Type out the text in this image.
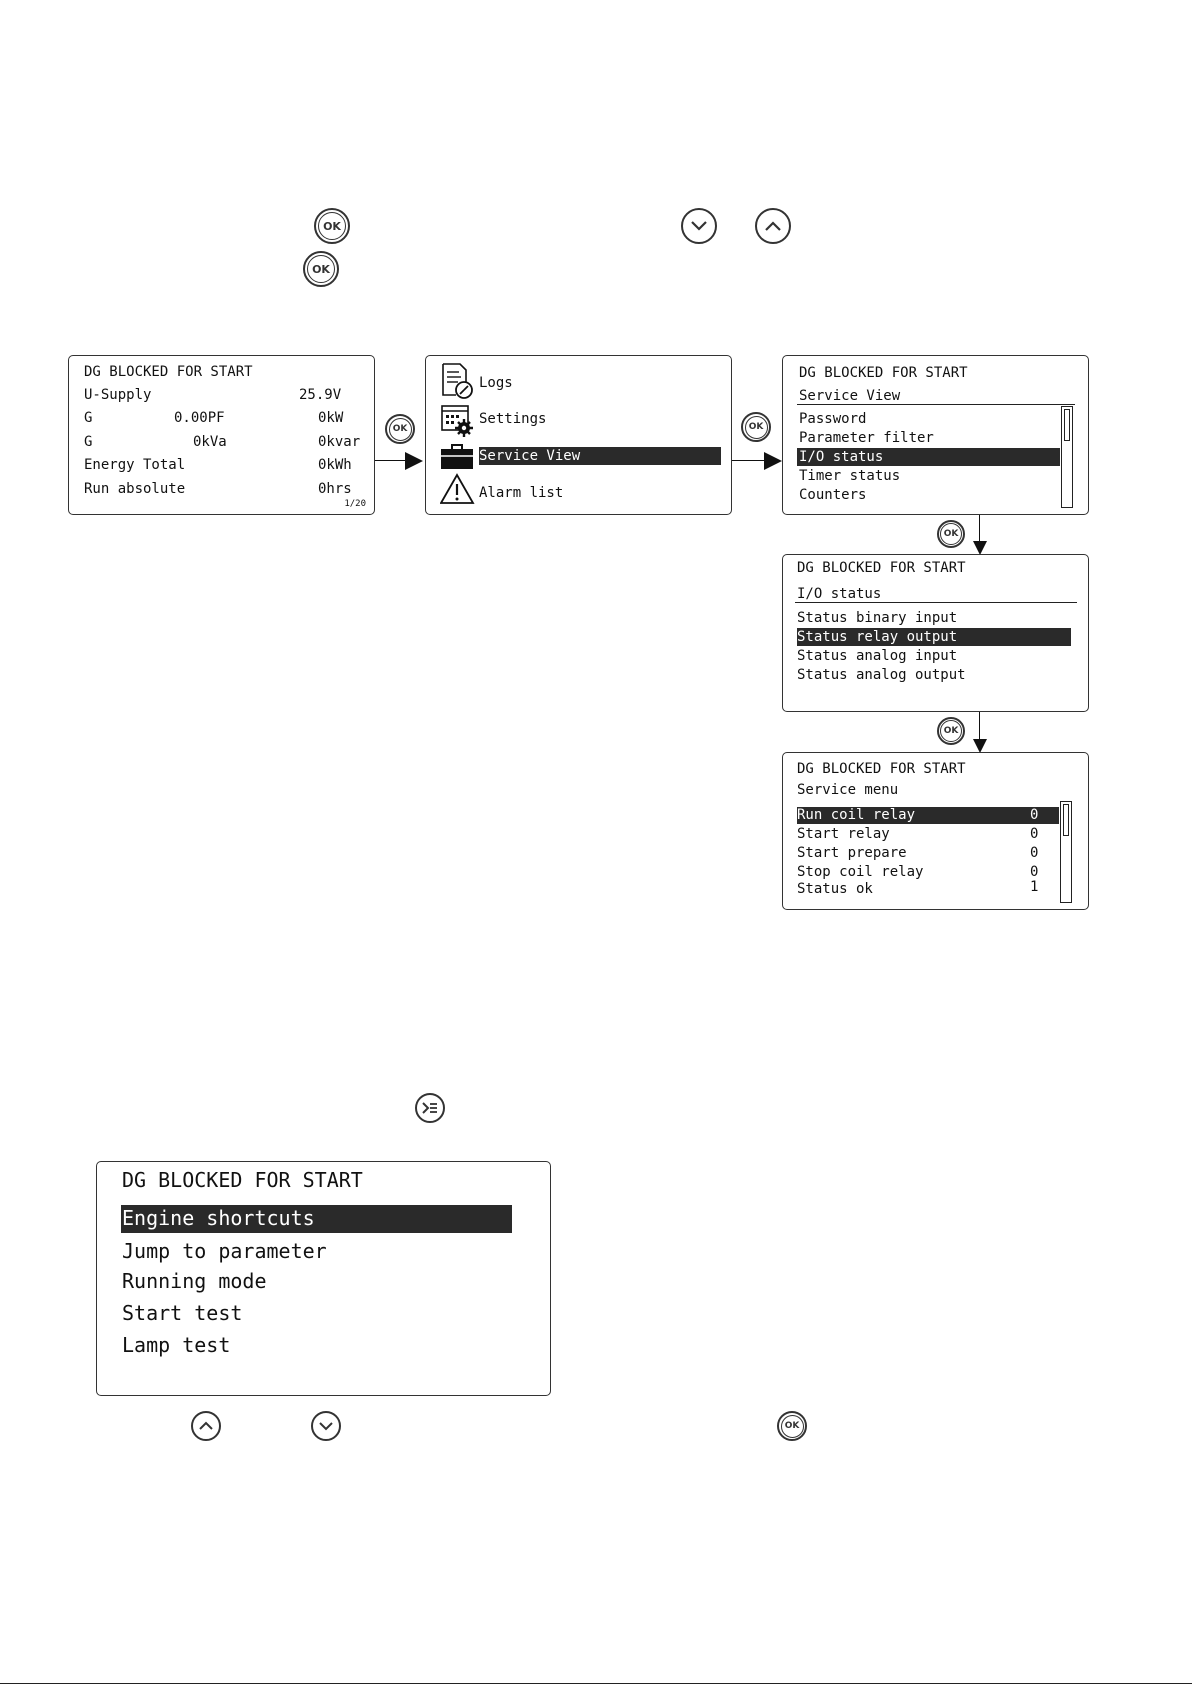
OK
OK
DG BLOCKED FOR START
U-Supply	25.9V
G	0.00PF	0kW
G	0kVa	0kvar
Energy Total	0kWh
Run absolute	0hrs
1/20
OK
Logs
Settings
Service View
Alarm list
OK
DG BLOCKED FOR START
Service View
Password
Parameter filter
I/O status
Timer status
Counters
OK
DG BLOCKED FOR START
I/O status
Status binary input
Status relay output
Status analog input
Status analog output
OK
DG BLOCKED FOR START
Service menu
Run coil relay	0
Start relay	0
Start prepare	0
Stop coil relay	0
Status ok	1
DG BLOCKED FOR START
Engine shortcuts
Jump to parameter
Running mode
Start test
Lamp test
OK
